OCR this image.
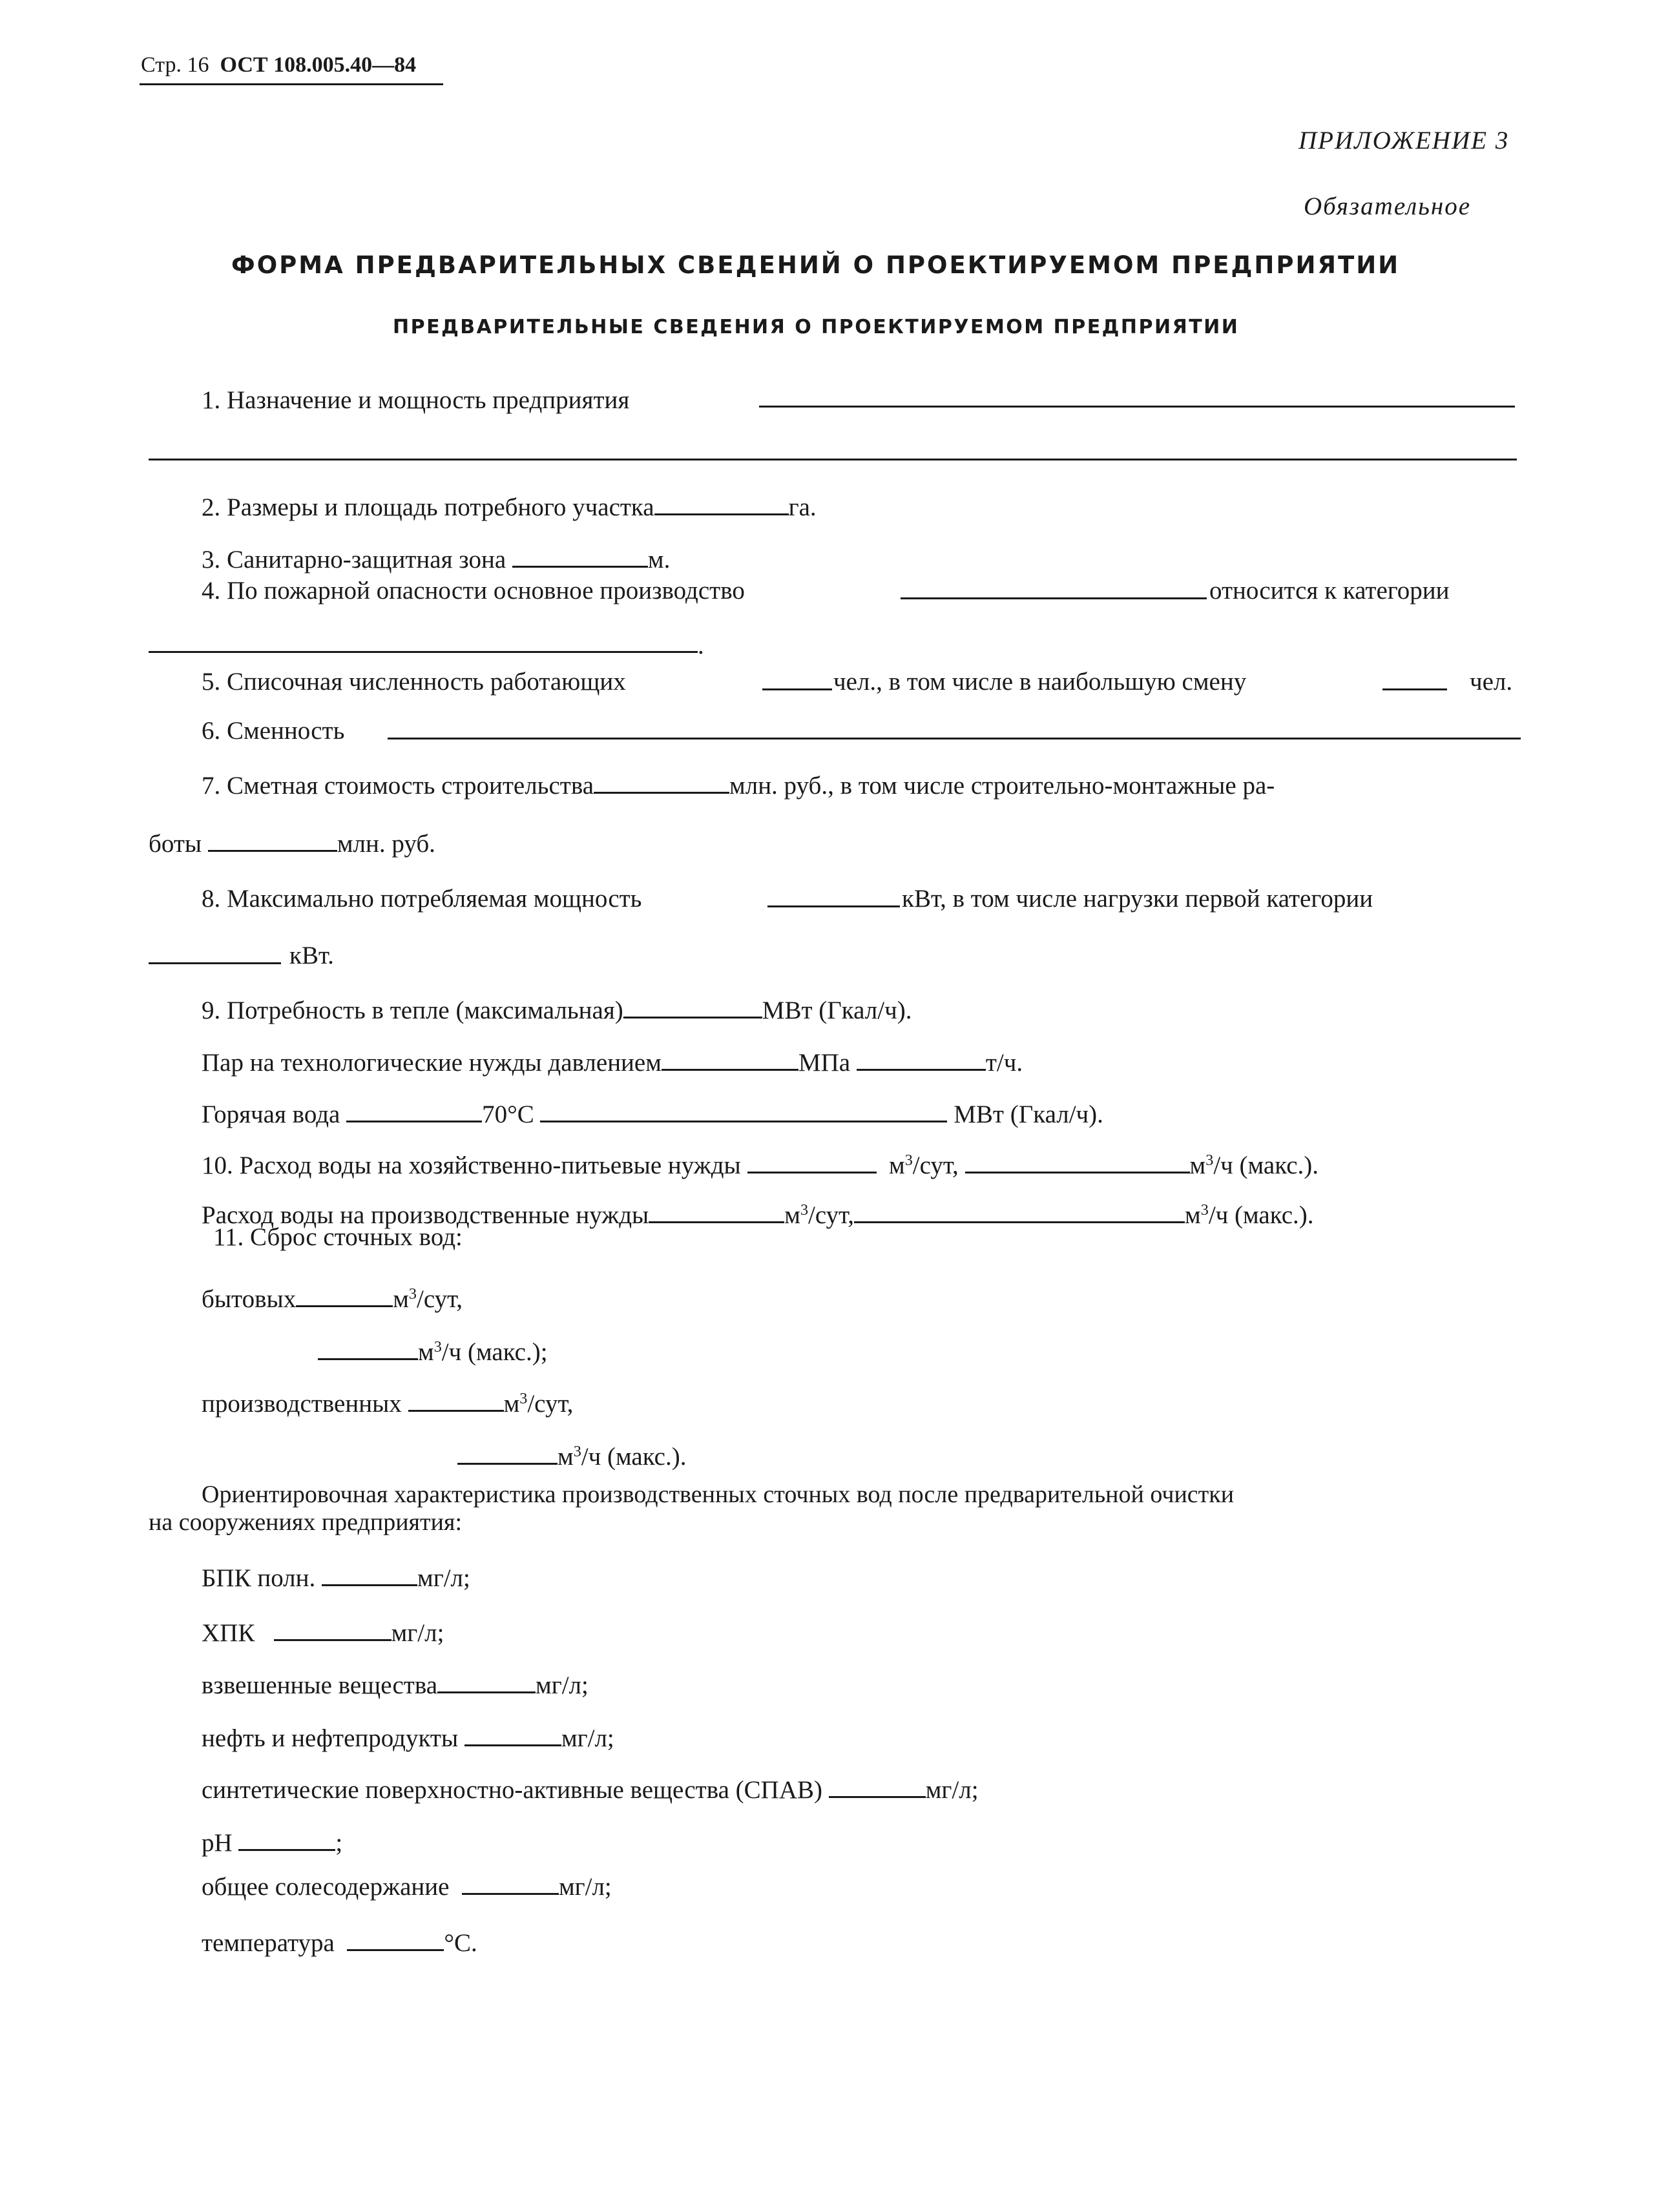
Стр. 16 ОСТ 108.005.40—84
ПРИЛОЖЕНИЕ 3
Обязательное
ФОРМА ПРЕДВАРИТЕЛЬНЫХ СВЕДЕНИЙ О ПРОЕКТИРУЕМОМ ПРЕДПРИЯТИИ
ПРЕДВАРИТЕЛЬНЫЕ СВЕДЕНИЯ О ПРОЕКТИРУЕМОМ ПРЕДПРИЯТИИ
1. Назначение и мощность предприятия
2. Размеры и площадь потребного участка	га.
3. Санитарно-защитная зона	м.
4. По пожарной опасности основное производство	относится к категории
.
5. Списочная численность работающих	чел., в том числе в наибольшую смену	чел.
6. Сменность
7. Сметная стоимость строительства	млн. руб., в том числе строительно-монтажные ра-
боты	млн. руб.
8. Максимально потребляемая мощность	кВт, в том числе нагрузки первой категории
кВт.
9. Потребность в тепле (максимальная)	МВт (Гкал/ч).
Пар на технологические нужды давлением	МПа	т/ч.
Горячая вода	70°С	МВт (Гкал/ч).
10. Расход воды на хозяйственно-питьевые нужды	$м^3$/сут,	$м^3/ч$ (макс.).
Расход воды на производственные нужды	$м^3$/сут,	$м^3/ч$ (макс.).
11. Сброс сточных вод:
бытовых	$м^3$/сут,
$м^3/ч$ (макс.);
производственных	$м^3$/сут,
$м^3/ч$ (макс.).
Ориентировочная характеристика производственных сточных вод после предварительной очистки
на сооружениях предприятия:
БПК полн.	мг/л;
ХПК	мг/л;
взвешенные вещества	мг/л;
нефть и нефтепродукты	мг/л;
синтетические поверхностно-активные вещества (СПАВ)	мг/л;
pH	;
общее солесодержание	мг/л;
температура	°С.
